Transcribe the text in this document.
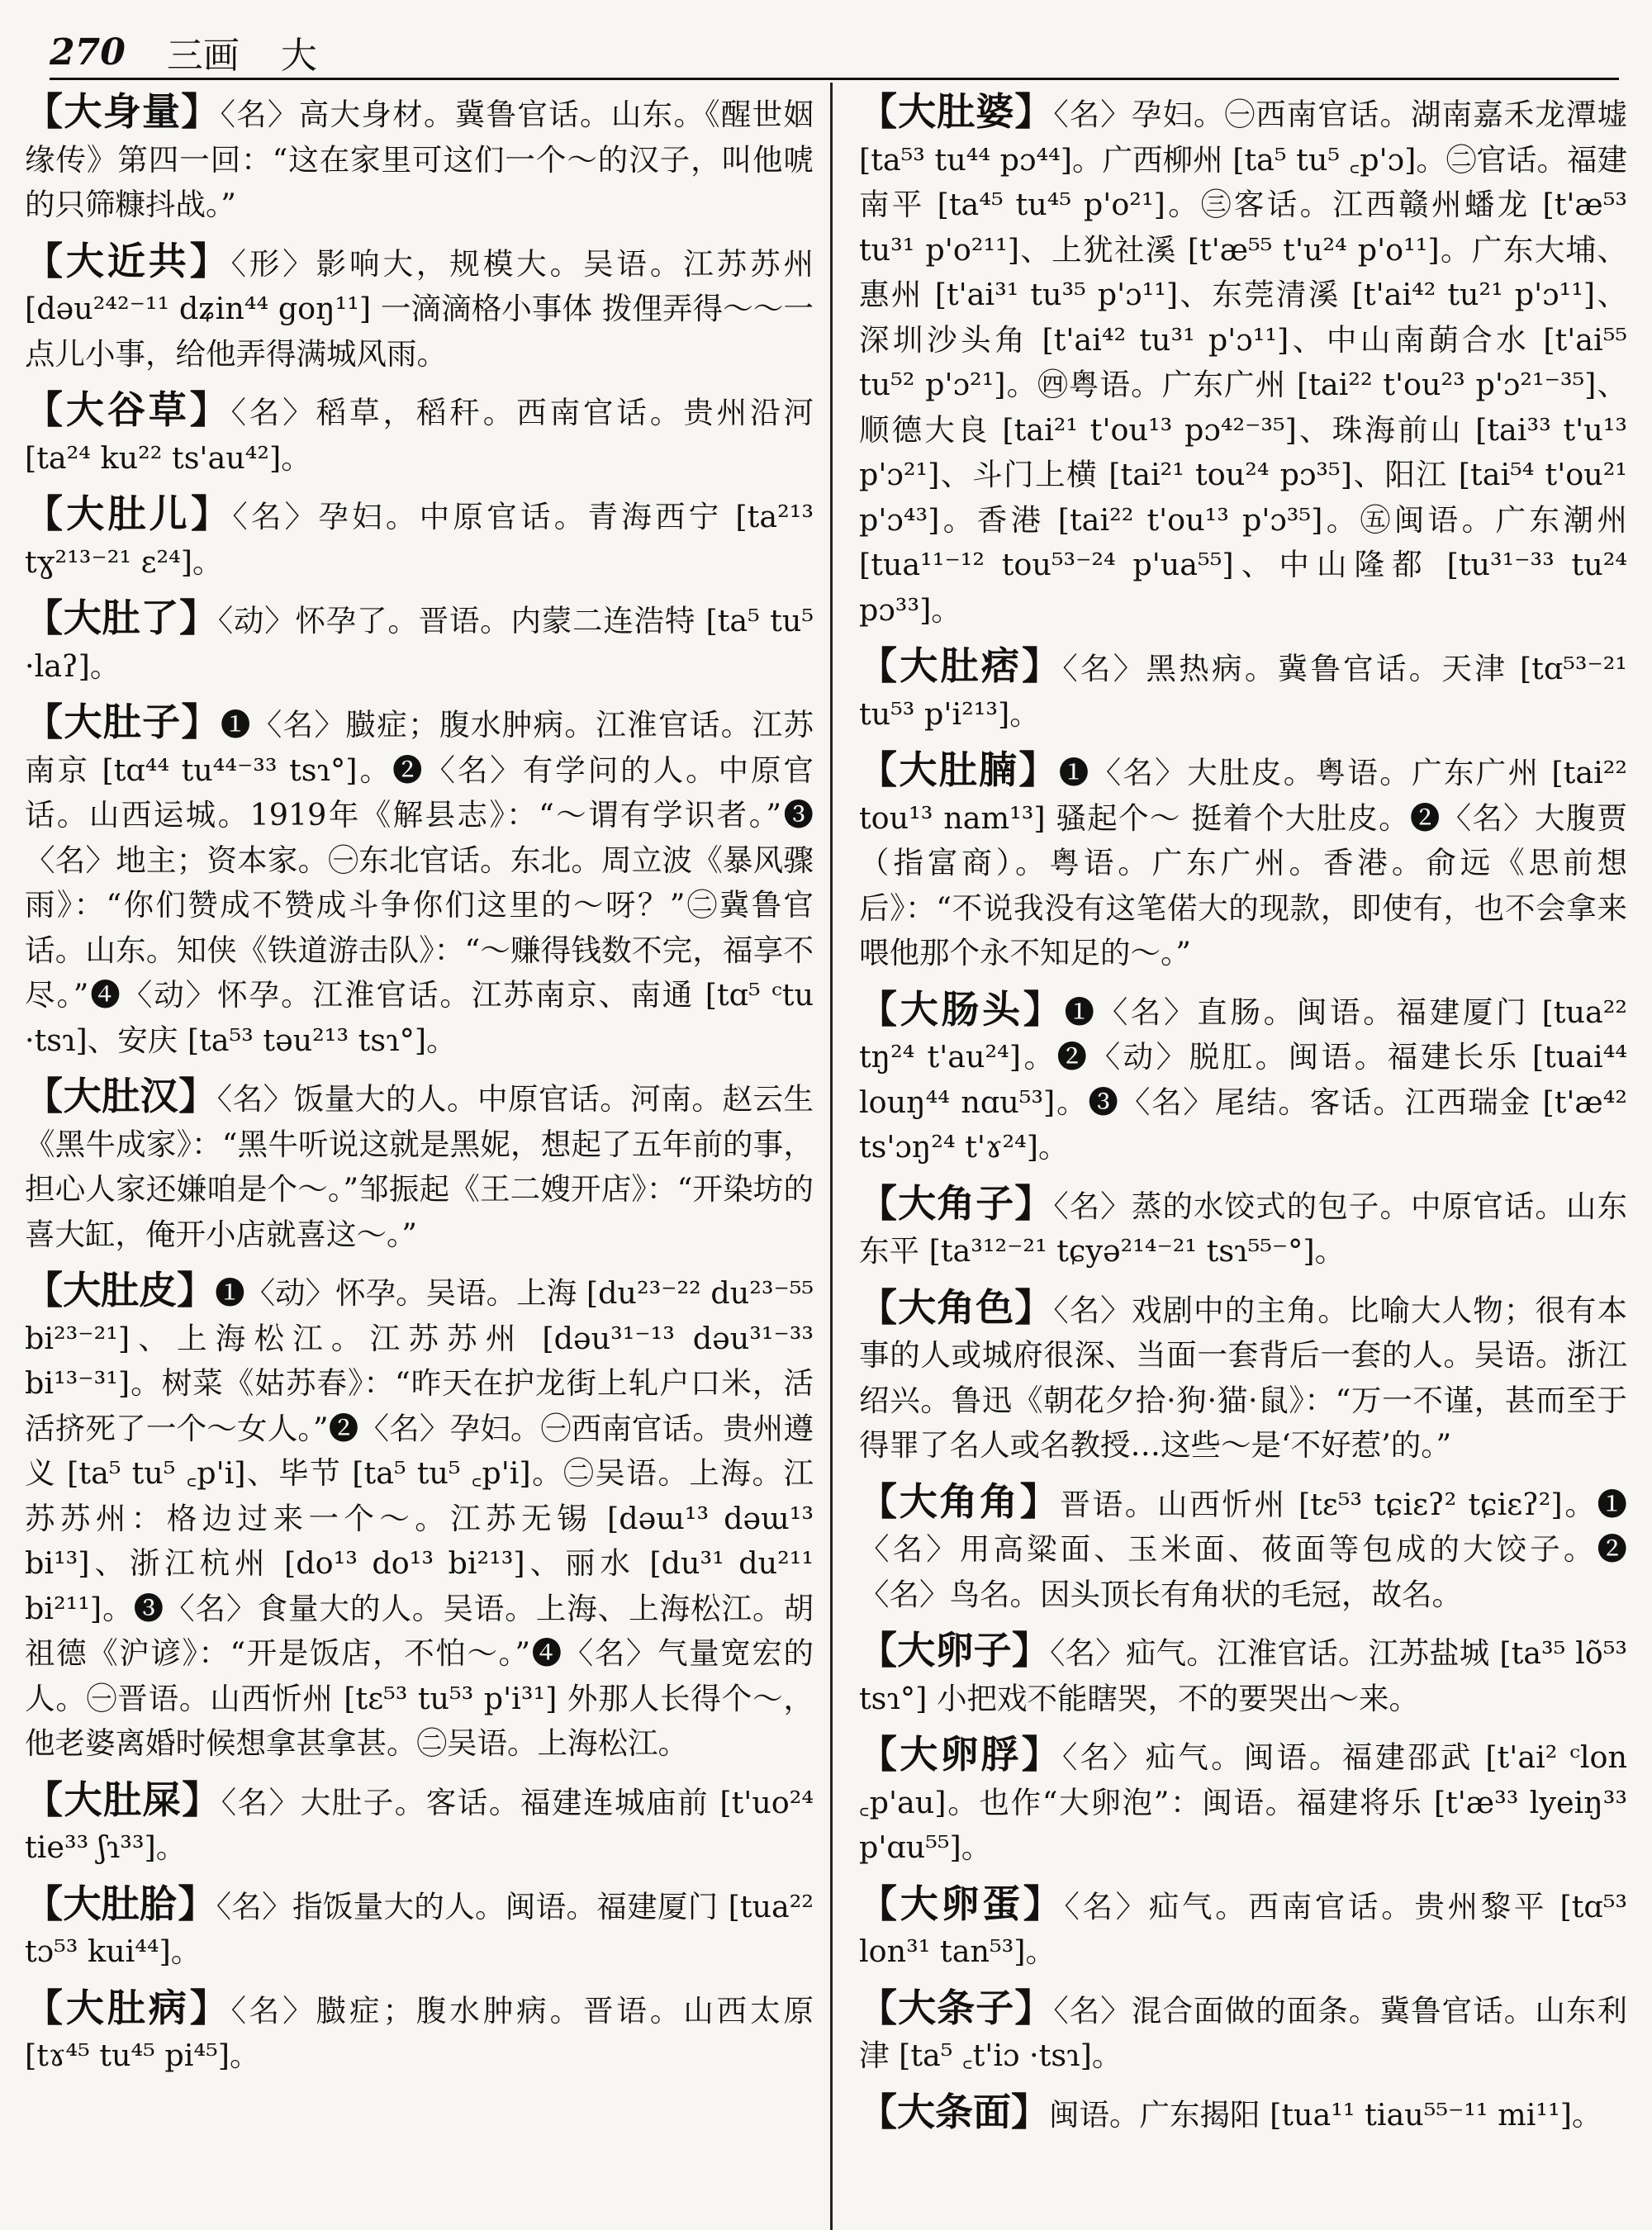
270 三画 大
【大身量】〈名〉高大身材。冀鲁官话。山东。《醒世姻缘传》第四一回：“这在家里可这们一个～的汉子，叫他唬的只筛糠抖战。”
【大近共】〈形〉影响大，规模大。吴语。江苏苏州 [dəu²⁴²⁻¹¹ dʑin⁴⁴ goŋ¹¹] 一滴滴格小事体 拨俚弄得～～一点儿小事，给他弄得满城风雨。
【大谷草】〈名〉稻草，稻秆。西南官话。贵州沿河 [ta²⁴ ku²² ts'au⁴²]。
【大肚儿】〈名〉孕妇。中原官话。青海西宁 [ta²¹³ tɣ²¹³⁻²¹ ɛ²⁴]。
【大肚了】〈动〉怀孕了。晋语。内蒙二连浩特 [ta⁵ tu⁵ ·laʔ]。
【大肚子】❶〈名〉臌症；腹水肿病。江淮官话。江苏南京 [tɑ⁴⁴ tu⁴⁴⁻³³ tsɿ°]。❷〈名〉有学问的人。中原官话。山西运城。1919年《解县志》：“～谓有学识者。”❸〈名〉地主；资本家。㊀东北官话。东北。周立波《暴风骤雨》：“你们赞成不赞成斗争你们这里的～呀？”㊁冀鲁官话。山东。知侠《铁道游击队》：“～赚得钱数不完，福享不尽。”❹〈动〉怀孕。江淮官话。江苏南京、南通 [tɑ⁵ ᶜtu ·tsɿ]、安庆 [ta⁵³ təu²¹³ tsɿ°]。
【大肚汉】〈名〉饭量大的人。中原官话。河南。赵云生《黑牛成家》：“黑牛听说这就是黑妮，想起了五年前的事，担心人家还嫌咱是个～。”邹振起《王二嫂开店》：“开染坊的喜大缸，俺开小店就喜这～。”
【大肚皮】❶〈动〉怀孕。吴语。上海 [du²³⁻²² du²³⁻⁵⁵ bi²³⁻²¹]、上海松江。江苏苏州 [dəu³¹⁻¹³ dəu³¹⁻³³ bi¹³⁻³¹]。树菜《姑苏春》：“昨天在护龙街上轧户口米，活活挤死了一个～女人。”❷〈名〉孕妇。㊀西南官话。贵州遵义 [ta⁵ tu⁵ ꜀p'i]、毕节 [ta⁵ tu⁵ ꜀p'i]。㊁吴语。上海。江苏苏州：格边过来一个～。江苏无锡 [dəɯ¹³ dəɯ¹³ bi¹³]、浙江杭州 [do¹³ do¹³ bi²¹³]、丽水 [du³¹ du²¹¹ bi²¹¹]。❸〈名〉食量大的人。吴语。上海、上海松江。胡祖德《沪谚》：“开是饭店，不怕～。”❹〈名〉气量宽宏的人。㊀晋语。山西忻州 [tɛ⁵³ tu⁵³ p'i³¹] 外那人长得个～，他老婆离婚时候想拿甚拿甚。㊁吴语。上海松江。
【大肚屎】〈名〉大肚子。客话。福建连城庙前 [t'uo²⁴ tie³³ ʃɿ³³]。
【大肚䏩】〈名〉指饭量大的人。闽语。福建厦门 [tua²² tɔ⁵³ kui⁴⁴]。
【大肚病】〈名〉臌症；腹水肿病。晋语。山西太原 [tɤ⁴⁵ tu⁴⁵ pi⁴⁵]。
【大肚婆】〈名〉孕妇。㊀西南官话。湖南嘉禾龙潭墟 [ta⁵³ tu⁴⁴ pɔ⁴⁴]。广西柳州 [ta⁵ tu⁵ ꜀p'ɔ]。㊁官话。福建南平 [ta⁴⁵ tu⁴⁵ p'o²¹]。㊂客话。江西赣州蟠龙 [t'æ⁵³ tu³¹ p'o²¹¹]、上犹社溪 [t'æ⁵⁵ t'u²⁴ p'o¹¹]。广东大埔、惠州 [t'ai³¹ tu³⁵ p'ɔ¹¹]、东莞清溪 [t'ai⁴² tu²¹ p'ɔ¹¹]、深圳沙头角 [t'ai⁴² tu³¹ p'ɔ¹¹]、中山南蓢合水 [t'ai⁵⁵ tu⁵² p'ɔ²¹]。㊃粤语。广东广州 [tai²² t'ou²³ p'ɔ²¹⁻³⁵]、顺德大良 [tai²¹ t'ou¹³ pɔ⁴²⁻³⁵]、珠海前山 [tai³³ t'u¹³ p'ɔ²¹]、斗门上横 [tai²¹ tou²⁴ pɔ³⁵]、阳江 [tai⁵⁴ t'ou²¹ p'ɔ⁴³]。香港 [tai²² t'ou¹³ p'ɔ³⁵]。㊄闽语。广东潮州 [tua¹¹⁻¹² tou⁵³⁻²⁴ p'ua⁵⁵]、中山隆都 [tu³¹⁻³³ tu²⁴ pɔ³³]。
【大肚痞】〈名〉黑热病。冀鲁官话。天津 [tɑ⁵³⁻²¹ tu⁵³ p'i²¹³]。
【大肚腩】❶〈名〉大肚皮。粤语。广东广州 [tai²² tou¹³ nam¹³] 骚起个～ 挺着个大肚皮。❷〈名〉大腹贾（指富商）。粤语。广东广州。香港。俞远《思前想后》：“不说我没有这笔偌大的现款，即使有，也不会拿来喂他那个永不知足的～。”
【大肠头】❶〈名〉直肠。闽语。福建厦门 [tua²² tŋ²⁴ t'au²⁴]。❷〈动〉脱肛。闽语。福建长乐 [tuai⁴⁴ louŋ⁴⁴ nɑu⁵³]。❸〈名〉尾结。客话。江西瑞金 [t'æ⁴² ts'ɔŋ²⁴ t'ɤ²⁴]。
【大角子】〈名〉蒸的水饺式的包子。中原官话。山东东平 [ta³¹²⁻²¹ tɕyə²¹⁴⁻²¹ tsɿ⁵⁵⁻°]。
【大角色】〈名〉戏剧中的主角。比喻大人物；很有本事的人或城府很深、当面一套背后一套的人。吴语。浙江绍兴。鲁迅《朝花夕拾·狗·猫·鼠》：“万一不谨，甚而至于得罪了名人或名教授…这些～是‘不好惹’的。”
【大角角】晋语。山西忻州 [tɛ⁵³ tɕiɛʔ² tɕiɛʔ²]。❶〈名〉用高粱面、玉米面、莜面等包成的大饺子。❷〈名〉鸟名。因头顶长有角状的毛冠，故名。
【大卵子】〈名〉疝气。江淮官话。江苏盐城 [ta³⁵ lõ⁵³ tsɿ°] 小把戏不能瞎哭，不的要哭出～来。
【大卵脬】〈名〉疝气。闽语。福建邵武 [t'ai² ᶜlon ꜀p'au]。也作“大卵泡”：闽语。福建将乐 [t'æ³³ lyeiŋ³³ p'ɑu⁵⁵]。
【大卵蛋】〈名〉疝气。西南官话。贵州黎平 [tɑ⁵³ lon³¹ tan⁵³]。
【大条子】〈名〉混合面做的面条。冀鲁官话。山东利津 [ta⁵ ꜀t'iɔ ·tsɿ]。
【大条面】闽语。广东揭阳 [tua¹¹ tiau⁵⁵⁻¹¹ mi¹¹]。
